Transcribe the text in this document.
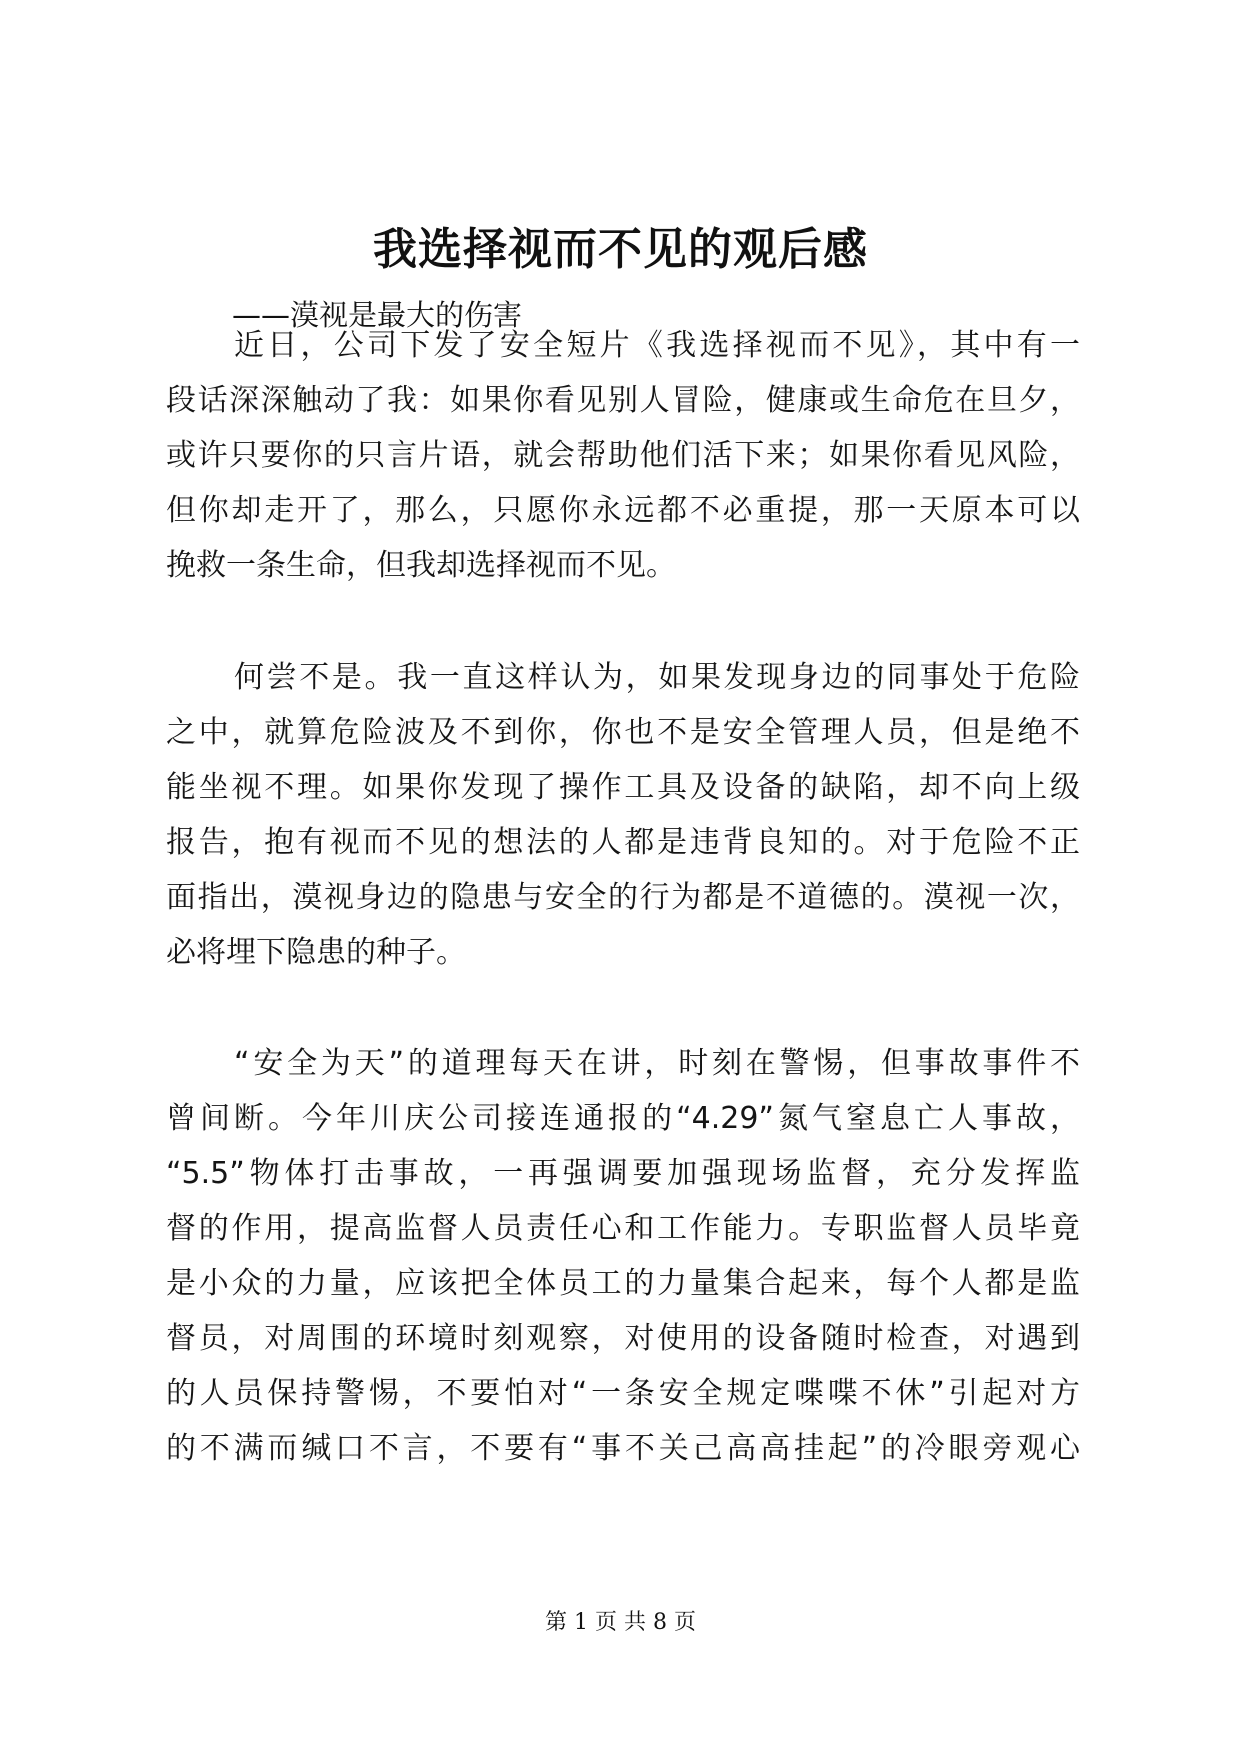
我选择视而不见的观后感
——漠视是最大的伤害
近日，公司下发了安全短片《我选择视而不见》，其中有一
段话深深触动了我：如果你看见别人冒险，健康或生命危在旦夕，
或许只要你的只言片语，就会帮助他们活下来；如果你看见风险，
但你却走开了，那么，只愿你永远都不必重提，那一天原本可以
挽救一条生命，但我却选择视而不见。
何尝不是。我一直这样认为，如果发现身边的同事处于危险
之中，就算危险波及不到你，你也不是安全管理人员，但是绝不
能坐视不理。如果你发现了操作工具及设备的缺陷，却不向上级
报告，抱有视而不见的想法的人都是违背良知的。对于危险不正
面指出，漠视身边的隐患与安全的行为都是不道德的。漠视一次，
必将埋下隐患的种子。
“安全为天”的道理每天在讲，时刻在警惕，但事故事件不
曾间断。今年川庆公司接连通报的“4.29”氮气窒息亡人事故，
“5.5”物体打击事故，一再强调要加强现场监督，充分发挥监
督的作用，提高监督人员责任心和工作能力。专职监督人员毕竟
是小众的力量，应该把全体员工的力量集合起来，每个人都是监
督员，对周围的环境时刻观察，对使用的设备随时检查，对遇到
的人员保持警惕，不要怕对“一条安全规定喋喋不休”引起对方
的不满而缄口不言，不要有“事不关己高高挂起”的冷眼旁观心
第 1 页 共 8 页
